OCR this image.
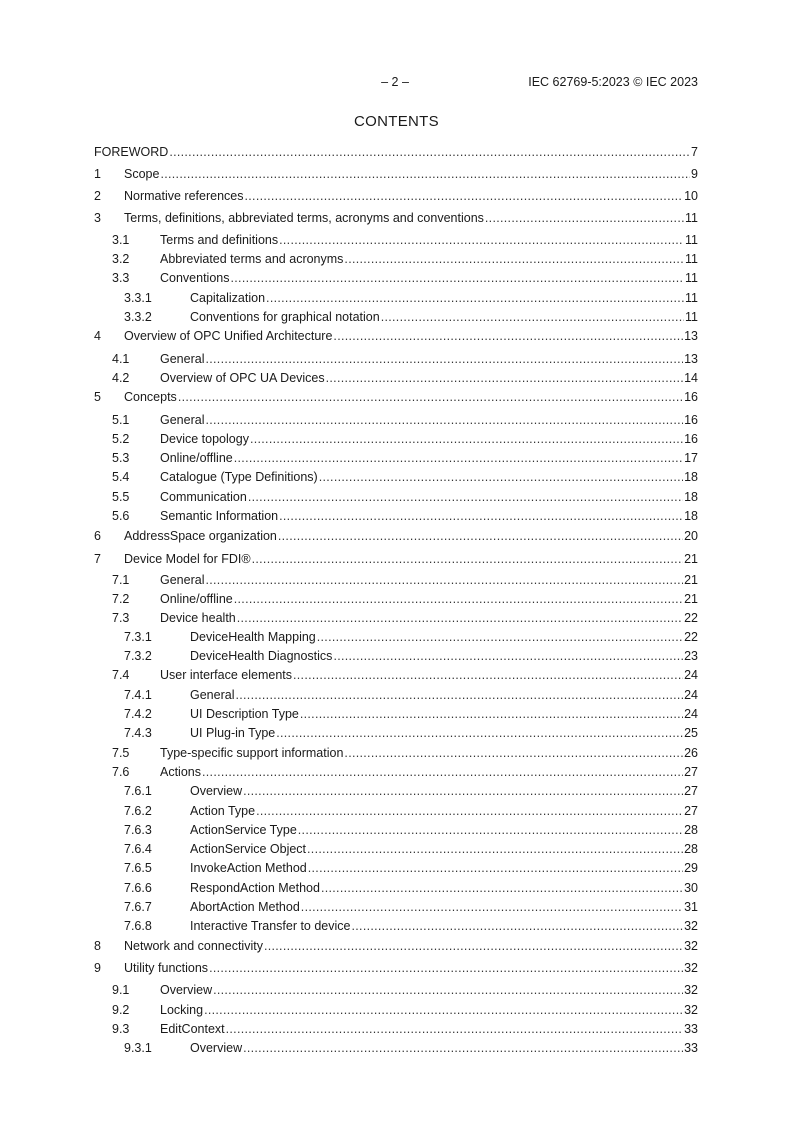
– 2 –	IEC 62769-5:2023 © IEC 2023
CONTENTS
FOREWORD .....	7
1 Scope .....	9
2 Normative references .....	10
3 Terms, definitions, abbreviated terms, acronyms and conventions .....	11
3.1 Terms and definitions .....	11
3.2 Abbreviated terms and acronyms .....	11
3.3 Conventions .....	11
3.3.1	Capitalization .....	11
3.3.2	Conventions for graphical notation .....	11
4 Overview of OPC Unified Architecture .....	13
4.1 General .....	13
4.2 Overview of OPC UA Devices .....	14
5 Concepts .....	16
5.1 General .....	16
5.2 Device topology .....	16
5.3 Online/offline .....	17
5.4 Catalogue (Type Definitions) .....	18
5.5 Communication .....	18
5.6 Semantic Information .....	18
6 AddressSpace organization .....	20
7 Device Model for FDI® .....	21
7.1 General .....	21
7.2 Online/offline .....	21
7.3 Device health .....	22
7.3.1	DeviceHealth Mapping .....	22
7.3.2	DeviceHealth Diagnostics .....	23
7.4 User interface elements .....	24
7.4.1	General .....	24
7.4.2	UI Description Type .....	24
7.4.3	UI Plug-in Type .....	25
7.5 Type-specific support information .....	26
7.6 Actions .....	27
7.6.1	Overview .....	27
7.6.2	Action Type .....	27
7.6.3	ActionService Type .....	28
7.6.4	ActionService Object .....	28
7.6.5	InvokeAction Method .....	29
7.6.6	RespondAction Method .....	30
7.6.7	AbortAction Method .....	31
7.6.8	Interactive Transfer to device .....	32
8 Network and connectivity .....	32
9 Utility functions .....	32
9.1 Overview .....	32
9.2 Locking .....	32
9.3 EditContext .....	33
9.3.1	Overview .....	33
